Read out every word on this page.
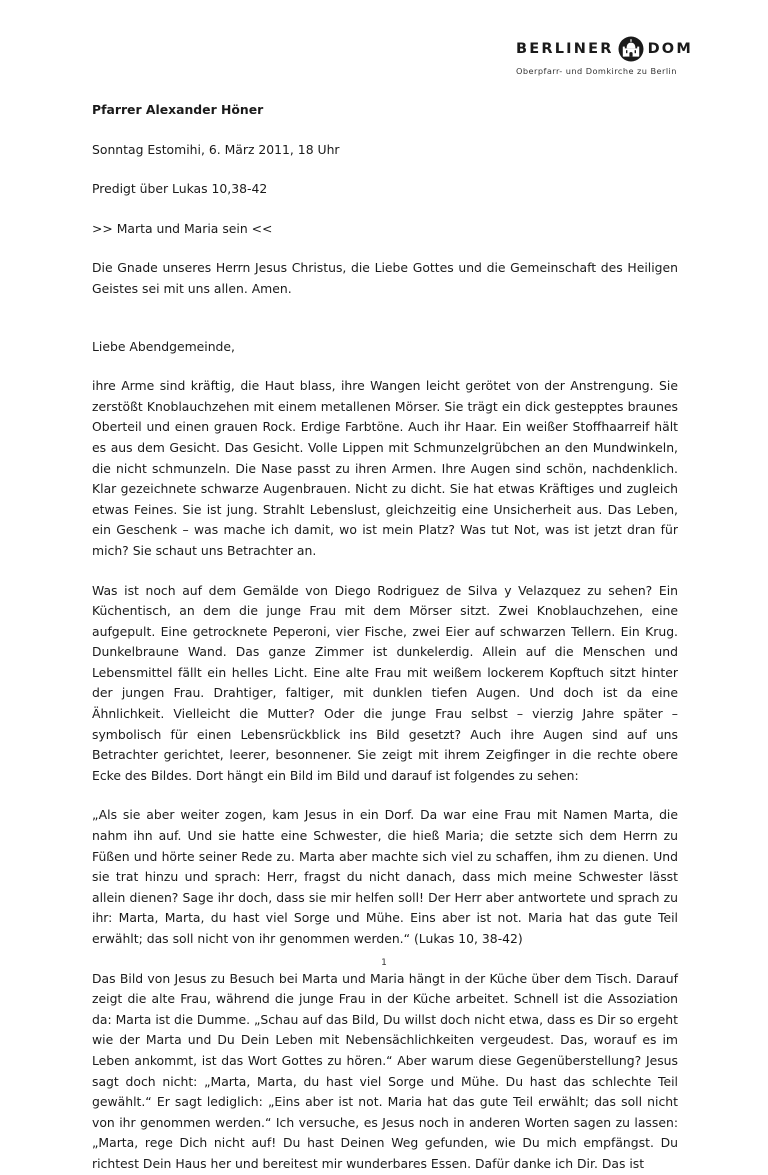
BERLINER DOM
Oberpfarr- und Domkirche zu Berlin

Pfarrer Alexander Höner

Sonntag Estomihi, 6. März 2011, 18 Uhr

Predigt über Lukas 10,38-42

>> Marta und Maria sein <<

Die Gnade unseres Herrn Jesus Christus, die Liebe Gottes und die Gemeinschaft des Heiligen Geistes sei mit uns allen. Amen.

Liebe Abendgemeinde,

ihre Arme sind kräftig, die Haut blass, ihre Wangen leicht gerötet von der Anstrengung. Sie zerstößt Knoblauchzehen mit einem metallenen Mörser. Sie trägt ein dick gestepptes braunes Oberteil und einen grauen Rock. Erdige Farbtöne. Auch ihr Haar. Ein weißer Stoffhaarreif hält es aus dem Gesicht. Das Gesicht. Volle Lippen mit Schmunzelgrübchen an den Mundwinkeln, die nicht schmunzeln. Die Nase passt zu ihren Armen. Ihre Augen sind schön, nachdenklich. Klar gezeichnete schwarze Augenbrauen. Nicht zu dicht. Sie hat etwas Kräftiges und zugleich etwas Feines. Sie ist jung. Strahlt Lebenslust, gleichzeitig eine Unsicherheit aus. Das Leben, ein Geschenk – was mache ich damit, wo ist mein Platz? Was tut Not, was ist jetzt dran für mich? Sie schaut uns Betrachter an.

Was ist noch auf dem Gemälde von Diego Rodriguez de Silva y Velazquez zu sehen? Ein Küchentisch, an dem die junge Frau mit dem Mörser sitzt. Zwei Knoblauchzehen, eine aufgepult. Eine getrocknete Peperoni, vier Fische, zwei Eier auf schwarzen Tellern. Ein Krug. Dunkelbraune Wand. Das ganze Zimmer ist dunkelerdig. Allein auf die Menschen und Lebensmittel fällt ein helles Licht. Eine alte Frau mit weißem lockerem Kopftuch sitzt hinter der jungen Frau. Drahtiger, faltiger, mit dunklen tiefen Augen. Und doch ist da eine Ähnlichkeit. Vielleicht die Mutter? Oder die junge Frau selbst – vierzig Jahre später – symbolisch für einen Lebensrückblick ins Bild gesetzt? Auch ihre Augen sind auf uns Betrachter gerichtet, leerer, besonnener. Sie zeigt mit ihrem Zeigfinger in die rechte obere Ecke des Bildes. Dort hängt ein Bild im Bild und darauf ist folgendes zu sehen:

„Als sie aber weiter zogen, kam Jesus in ein Dorf. Da war eine Frau mit Namen Marta, die nahm ihn auf. Und sie hatte eine Schwester, die hieß Maria; die setzte sich dem Herrn zu Füßen und hörte seiner Rede zu. Marta aber machte sich viel zu schaffen, ihm zu dienen. Und sie trat hinzu und sprach: Herr, fragst du nicht danach, dass mich meine Schwester lässt allein dienen? Sage ihr doch, dass sie mir helfen soll! Der Herr aber antwortete und sprach zu ihr: Marta, Marta, du hast viel Sorge und Mühe. Eins aber ist not. Maria hat das gute Teil erwählt; das soll nicht von ihr genommen werden.“ (Lukas 10, 38-42)

Das Bild von Jesus zu Besuch bei Marta und Maria hängt in der Küche über dem Tisch. Darauf zeigt die alte Frau, während die junge Frau in der Küche arbeitet. Schnell ist die Assoziation da: Marta ist die Dumme. „Schau auf das Bild, Du willst doch nicht etwa, dass es Dir so ergeht wie der Marta und Du Dein Leben mit Nebensächlichkeiten vergeudest. Das, worauf es im Leben ankommt, ist das Wort Gottes zu hören.“ Aber warum diese Gegenüberstellung? Jesus sagt doch nicht: „Marta, Marta, du hast viel Sorge und Mühe. Du hast das schlechte Teil gewählt.“ Er sagt lediglich: „Eins aber ist not. Maria hat das gute Teil erwählt; das soll nicht von ihr genommen werden.“ Ich versuche, es Jesus noch in anderen Worten sagen zu lassen: „Marta, rege Dich nicht auf! Du hast Deinen Weg gefunden, wie Du mich empfängst. Du richtest Dein Haus her und bereitest mir wunderbares Essen. Dafür danke ich Dir. Das ist

1
